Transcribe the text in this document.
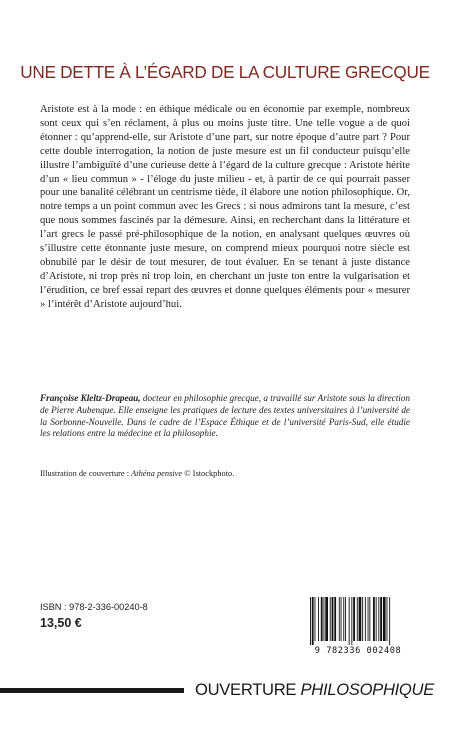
UNE DETTE À L’ÉGARD DE LA CULTURE GRECQUE

Aristote est à la mode : en éthique médicale ou en économie par exemple, nombreux sont ceux qui s’en réclament, à plus ou moins juste titre. Une telle vogue a de quoi étonner : qu’apprend-elle, sur Aristote d’une part, sur notre époque d’autre part ? Pour cette double interrogation, la notion de juste mesure est un fil conducteur puisqu’elle illustre l’ambiguïté d’une curieuse dette à l’égard de la culture grecque : Aristote hérite d’un « lieu commun » - l’éloge du juste milieu - et, à partir de ce qui pourrait passer pour une banalité célébrant un centrisme tiède, il élabore une notion philosophique. Or, notre temps a un point commun avec les Grecs : si nous admirons tant la mesure, c’est que nous sommes fascinés par la démesure. Ainsi, en recherchant dans la littérature et l’art grecs le passé pré-philosophique de la notion, en analysant quelques œuvres où s’illustre cette étonnante juste mesure, on comprend mieux pourquoi notre siècle est obnubilé par le désir de tout mesurer, de tout évaluer. En se tenant à juste distance d’Aristote, ni trop près ni trop loin, en cherchant un juste ton entre la vulgarisation et l’érudition, ce bref essai repart des œuvres et donne quelques éléments pour « mesurer » l’intérêt d’Aristote aujourd’hui.

Françoise Kleltz-Drapeau, docteur en philosophie grecque, a travaillé sur Aristote sous la direction de Pierre Aubenque. Elle enseigne les pratiques de lecture des textes universitaires à l’université de la Sorbonne-Nouvelle. Dans le cadre de l’Espace Éthique et de l’université Paris-Sud, elle étudie les relations entre la médecine et la philosophie.

Illustration de couverture : Athéna pensive © Istockphoto.
ISBN : 978-2-336-00240-8
13,50 €
9 782336 002408
OUVERTURE PHILOSOPHIQUE
